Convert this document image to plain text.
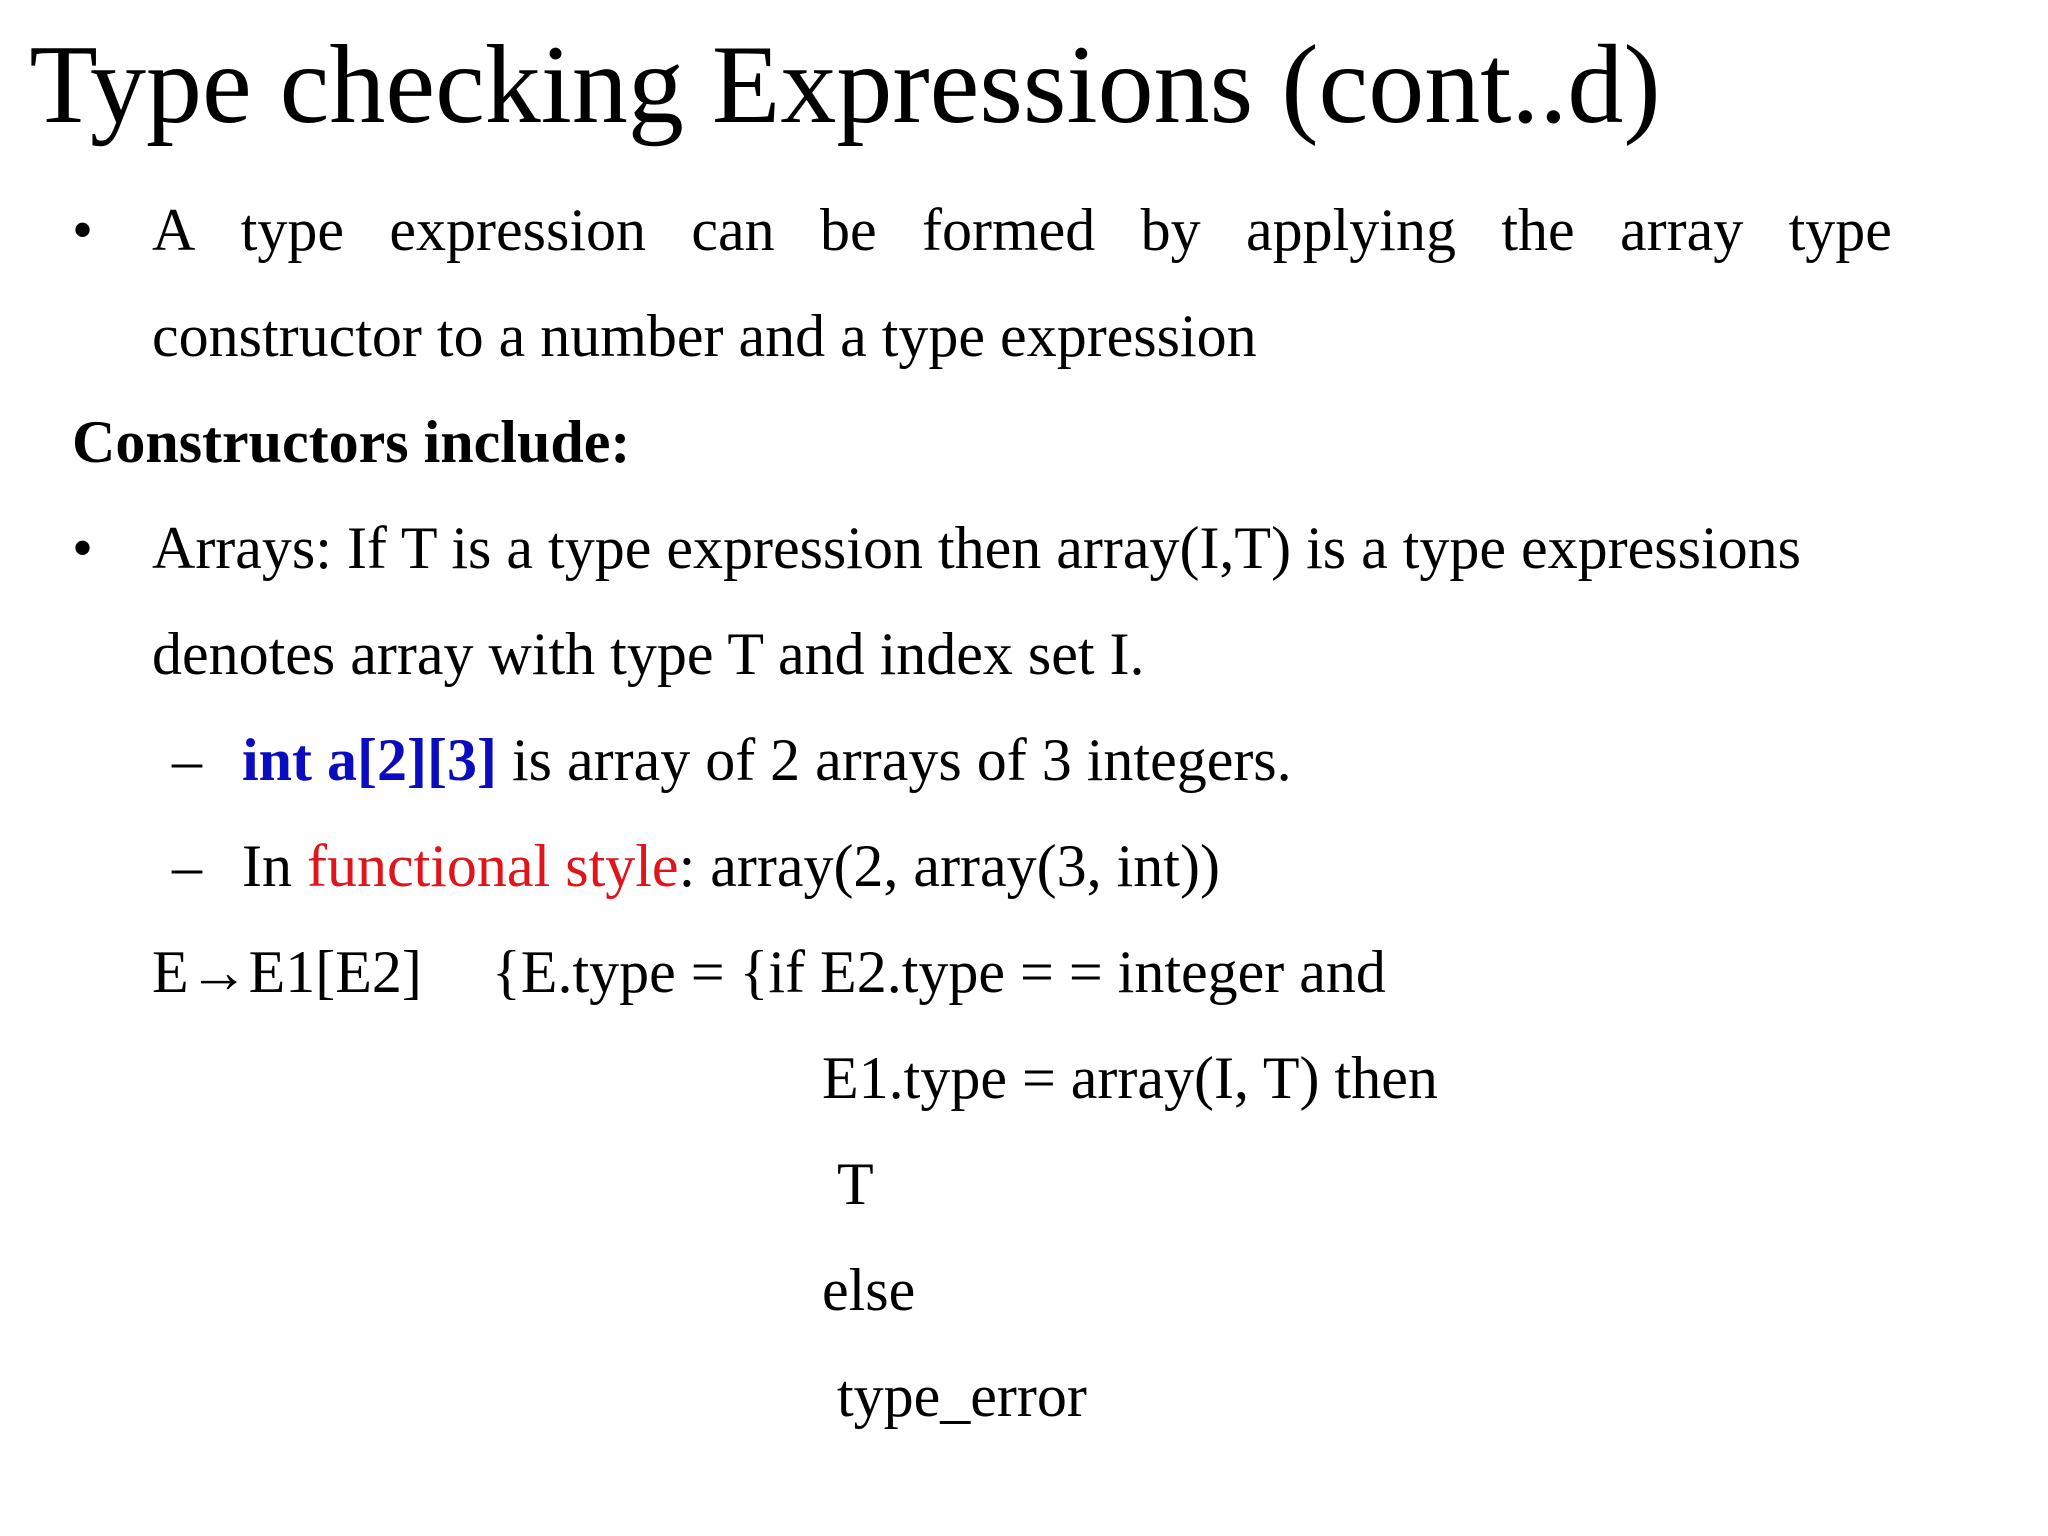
Type checking Expressions (cont..d)
• A type expression can be formed by applying the array type
constructor to a number and a type expression
Constructors include:
• Arrays: If T is a type expression then array(I,T) is a type expressions
denotes array with type T and index set I.
– int a[2][3] is array of 2 arrays of 3 integers.
– In functional style: array(2, array(3, int))
E→E1[E2] {E.type = {if E2.type = = integer and
E1.type = array(I, T) then
T
else
type_error
